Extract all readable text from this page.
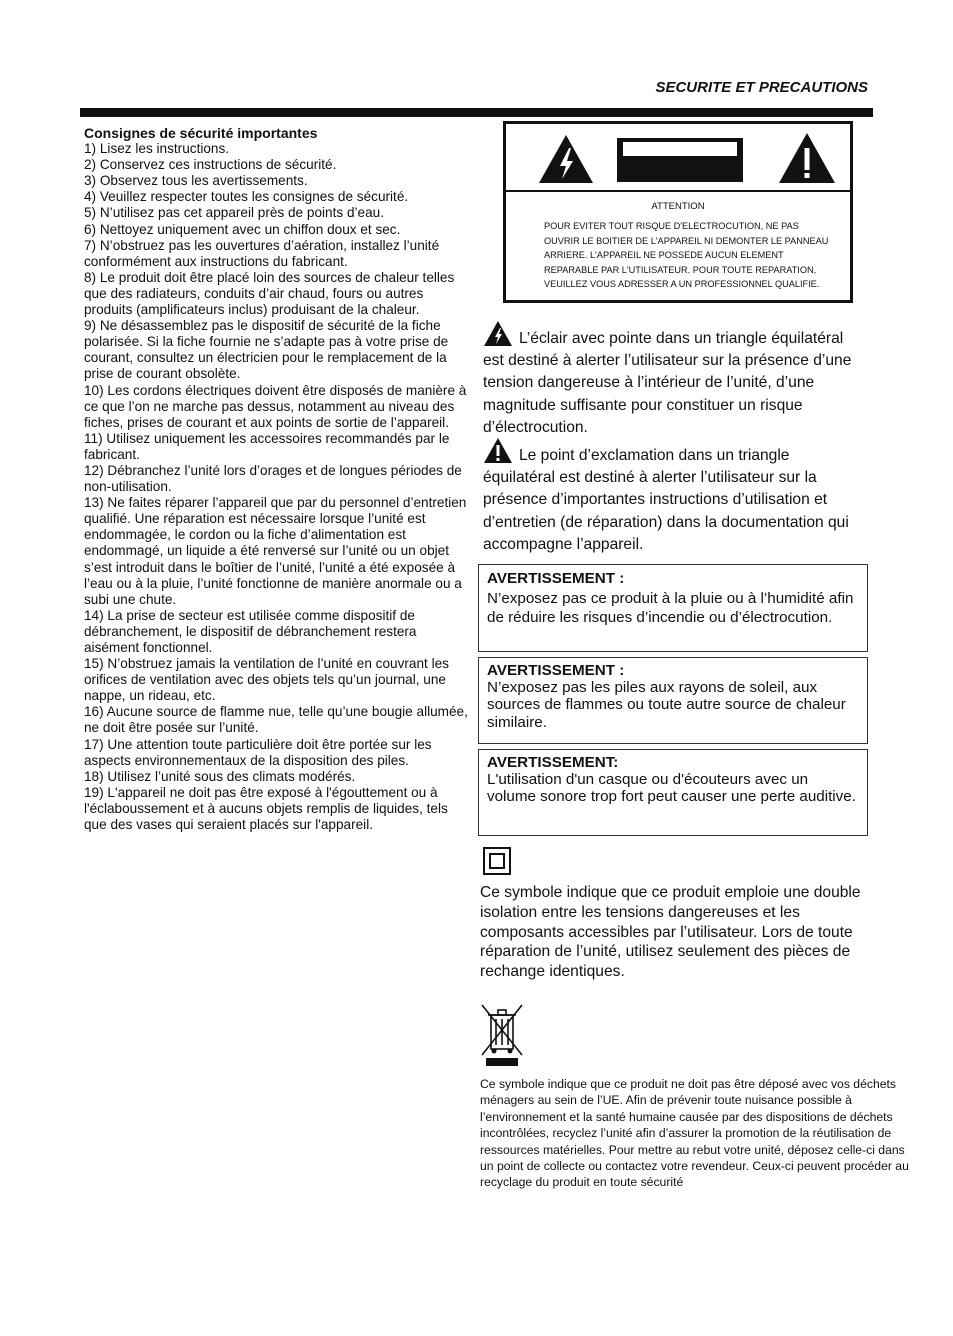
SECURITE ET PRECAUTIONS
Consignes de sécurité importantes

1) Lisez les instructions.

2) Conservez ces instructions de sécurité.

3) Observez tous les avertissements.

4) Veuillez respecter toutes les consignes de sécurité.

5) N’utilisez pas cet appareil près de points d’eau.

6) Nettoyez uniquement avec un chiffon doux et sec.

7) N’obstruez pas les ouvertures d’aération, installez l’unité conformément aux instructions du fabricant.

8) Le produit doit être placé loin des sources de chaleur telles que des radiateurs, conduits d’air chaud, fours ou autres produits (amplificateurs inclus) produisant de la chaleur.

9) Ne désassemblez pas le dispositif de sécurité de la fiche polarisée. Si la fiche fournie ne s’adapte pas à votre prise de courant, consultez un électricien pour le remplacement de la prise de courant obsolète.

10) Les cordons électriques doivent être disposés de manière à ce que l’on ne marche pas dessus, notamment au niveau des fiches, prises de courant et aux points de sortie de l’appareil.

11) Utilisez uniquement les accessoires recommandés par le fabricant.

12) Débranchez l’unité lors d’orages et de longues périodes de non-utilisation.

13) Ne faites réparer l’appareil que par du personnel d’entretien qualifié. Une réparation est nécessaire lorsque l’unité est endommagée, le cordon ou la fiche d’alimentation est endommagé, un liquide a été renversé sur l’unité ou un objet s’est introduit dans le boîtier de l’unité, l’unité a été exposée à l’eau ou à la pluie, l’unité fonctionne de manière anormale ou a subi une chute.

14) La prise de secteur est utilisée comme dispositif de débranchement, le dispositif de débranchement restera aisément fonctionnel.

15) N’obstruez jamais la ventilation de l’unité en couvrant les orifices de ventilation avec des objets tels qu’un journal, une nappe, un rideau, etc.

16) Aucune source de flamme nue, telle qu’une bougie allumée, ne doit être posée sur l’unité.

17) Une attention toute particulière doit être portée sur les aspects environnementaux de la disposition des piles.

18) Utilisez l’unité sous des climats modérés.

19) L'appareil ne doit pas être exposé à l'égouttement ou à l'éclaboussement et à aucuns objets remplis de liquides, tels que des vases qui seraient placés sur l'appareil.

ATTENTION
POUR EVITER TOUT RISQUE D'ELECTROCUTION, NE PAS OUVRIR LE BOITIER DE L'APPAREIL NI DEMONTER LE PANNEAU ARRIERE. L'APPAREIL NE POSSEDE AUCUN ELEMENT REPARABLE PAR L'UTILISATEUR. POUR TOUTE REPARATION, VEUILLEZ VOUS ADRESSER A UN PROFESSIONNEL QUALIFIE.
L’éclair avec pointe dans un triangle équilatéral est destiné à alerter l’utilisateur sur la présence d’une tension dangereuse à l’intérieur de l’unité, d’une magnitude suffisante pour constituer un risque d’électrocution.
Le point d’exclamation dans un triangle équilatéral est destiné à alerter l’utilisateur sur la présence d’importantes instructions d’utilisation et d’entretien (de réparation) dans la documentation qui accompagne l’appareil.
AVERTISSEMENT :
N’exposez pas ce produit à la pluie ou à l’humidité afin de réduire les risques d’incendie ou d’électrocution.
AVERTISSEMENT :
N’exposez pas les piles aux rayons de soleil, aux sources de flammes ou toute autre source de chaleur similaire.
AVERTISSEMENT:
L'utilisation d'un casque ou d'écouteurs avec un volume sonore trop fort peut causer une perte auditive.
Ce symbole indique que ce produit emploie une double isolation entre les tensions dangereuses et les composants accessibles par l’utilisateur. Lors de toute réparation de l’unité, utilisez seulement des pièces de rechange identiques.
Ce symbole indique que ce produit ne doit pas être déposé avec vos déchets ménagers au sein de l’UE. Afin de prévenir toute nuisance possible à l’environnement et la santé humaine causée par des dispositions de déchets incontrôlées, recyclez l’unité afin d’assurer la promotion de la réutilisation de ressources matérielles. Pour mettre au rebut votre unité, déposez celle-ci dans un point de collecte ou contactez votre revendeur. Ceux-ci peuvent procéder au recyclage du produit en toute sécurité
